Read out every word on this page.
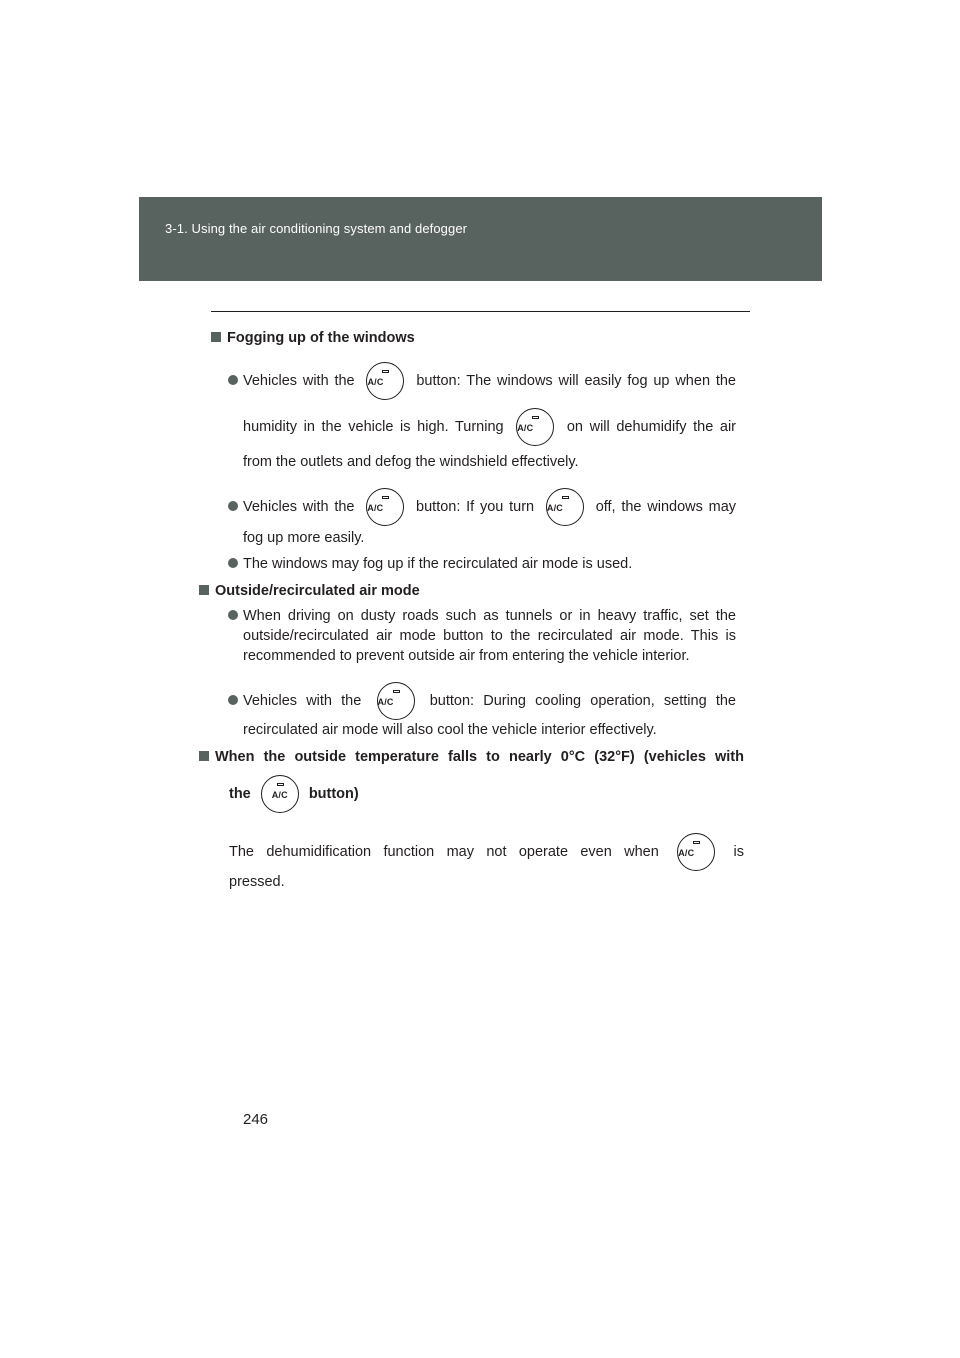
3-1. Using the air conditioning system and defogger
Fogging up of the windows
Vehicles with the A/C	button: The windows will easily fog up when the
humidity in the vehicle is high. Turning A/C	on will dehumidify the air
from the outlets and defog the windshield effectively.
Vehicles with the A/C	button: If you turn A/C	off, the windows may
fog up more easily.
The windows may fog up if the recirculated air mode is used.
Outside/recirculated air mode
When driving on dusty roads such as tunnels or in heavy traffic, set the
outside/recirculated air mode button to the recirculated air mode. This is
recommended to prevent outside air from entering the vehicle interior.
Vehicles with the A/C	button: During cooling operation, setting the
recirculated air mode will also cool the vehicle interior effectively.
When the outside temperature falls to nearly 0°C (32°F) (vehicles with
the	A/C	button)
The dehumidification function may not operate even when A/C	is
pressed.
246
